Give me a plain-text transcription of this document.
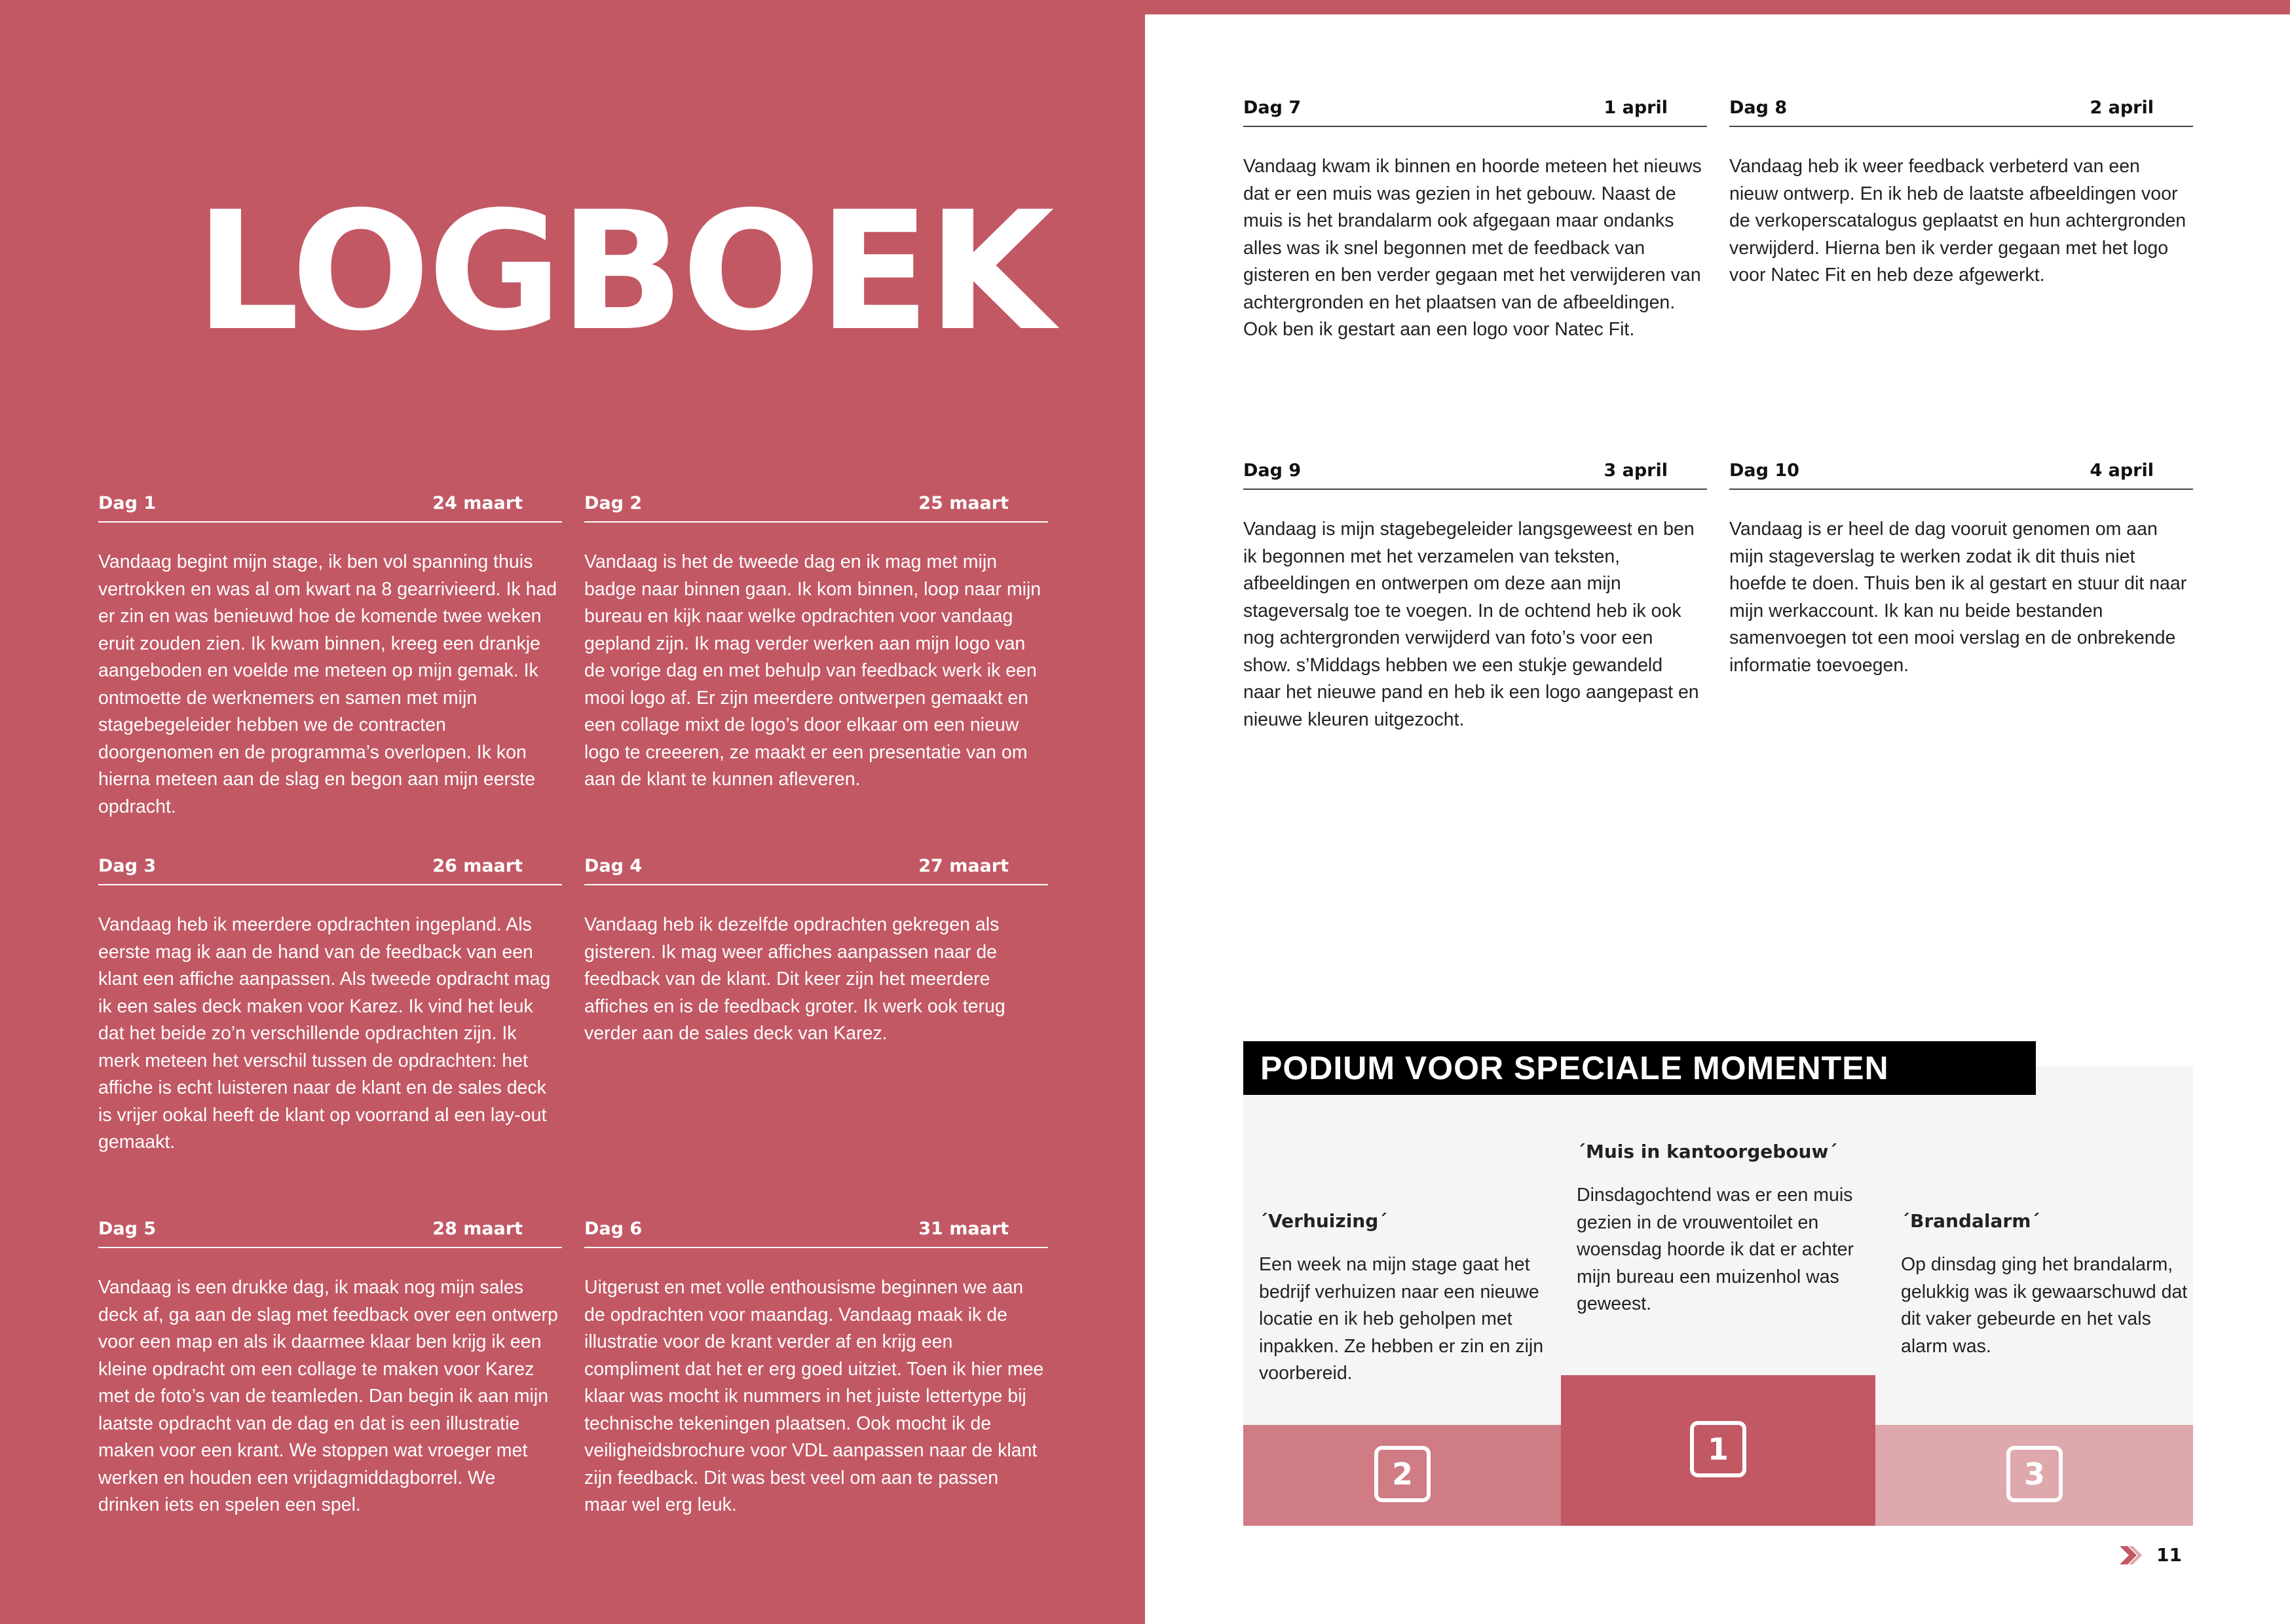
LOGBOEK
Dag 1	24 maart
Vandaag begint mijn stage, ik ben vol spanning thuis vertrokken en was al om kwart na 8 gearrivieerd. Ik had er zin en was benieuwd hoe de komende twee weken eruit zouden zien. Ik kwam binnen, kreeg een drankje aangeboden en voelde me meteen op mijn gemak. Ik ontmoette de werknemers en samen met mijn stagebegeleider hebben we de contracten doorgenomen en de programma’s overlopen. Ik kon hierna meteen aan de slag en begon aan mijn eerste opdracht.
Dag 2	25 maart
Vandaag is het de tweede dag en ik mag met mijn badge naar binnen gaan. Ik kom binnen, loop naar mijn bureau en kijk naar welke opdrachten voor vandaag gepland zijn. Ik mag verder werken aan mijn logo van de vorige dag en met behulp van feedback werk ik een mooi logo af. Er zijn meerdere ontwerpen gemaakt en een collage mixt de logo’s door elkaar om een nieuw logo te creeeren, ze maakt er een presentatie van om aan de klant te kunnen afleveren.
Dag 3	26 maart
Vandaag heb ik meerdere opdrachten ingepland. Als eerste mag ik aan de hand van de feedback van een klant een affiche aanpassen. Als tweede opdracht mag ik een sales deck maken voor Karez. Ik vind het leuk dat het beide zo’n verschillende opdrachten zijn. Ik merk meteen het verschil tussen de opdrachten: het affiche is echt luisteren naar de klant en de sales deck is vrijer ookal heeft de klant op voorrand al een lay-out gemaakt.
Dag 4	27 maart
Vandaag heb ik dezelfde opdrachten gekregen als gisteren. Ik mag weer affiches aanpassen naar de feedback van de klant. Dit keer zijn het meerdere affiches en is de feedback groter. Ik werk ook terug verder aan de sales deck van Karez.
Dag 5	28 maart
Vandaag is een drukke dag, ik maak nog mijn sales deck af, ga aan de slag met feedback over een ontwerp voor een map en als ik daarmee klaar ben krijg ik een kleine opdracht om een collage te maken voor Karez met de foto’s van de teamleden. Dan begin ik aan mijn laatste opdracht van de dag en dat is een illustratie maken voor een krant. We stoppen wat vroeger met werken en houden een vrijdagmiddagborrel. We drinken iets en spelen een spel.
Dag 6	31 maart
Uitgerust en met volle enthousisme beginnen we aan de opdrachten voor maandag. Vandaag maak ik de illustratie voor de krant verder af en krijg een compliment dat het er erg goed uitziet. Toen ik hier mee klaar was mocht ik nummers in het juiste lettertype bij technische tekeningen plaatsen. Ook mocht ik de veiligheidsbrochure voor VDL aanpassen naar de klant zijn feedback. Dit was best veel om aan te passen maar wel erg leuk.
Dag 7	1 april
Vandaag kwam ik binnen en hoorde meteen het nieuws dat er een muis was gezien in het gebouw. Naast de muis is het brandalarm ook afgegaan maar ondanks alles was ik snel begonnen met de feedback van gisteren en ben verder gegaan met het verwijderen van achtergronden en het plaatsen van de afbeeldingen. Ook ben ik gestart aan een logo voor Natec Fit.
Dag 8	2 april
Vandaag heb ik weer feedback verbeterd van een nieuw ontwerp. En ik heb de laatste afbeeldingen voor de verkoperscatalogus geplaatst en hun achtergronden verwijderd. Hierna ben ik verder gegaan met het logo voor Natec Fit en heb deze afgewerkt.
Dag 9	3 april
Vandaag is mijn stagebegeleider langsgeweest en ben ik begonnen met het verzamelen van teksten, afbeeldingen en ontwerpen om deze aan mijn stageversalg toe te voegen. In de ochtend heb ik ook nog achtergronden verwijderd van foto’s voor een show. s’Middags hebben we een stukje gewandeld naar het nieuwe pand en heb ik een logo aangepast en nieuwe kleuren uitgezocht.
Dag 10	4 april
Vandaag is er heel de dag vooruit genomen om aan mijn stageverslag te werken zodat ik dit thuis niet hoefde te doen. Thuis ben ik al gestart en stuur dit naar mijn werkaccount. Ik kan nu beide bestanden samenvoegen tot een mooi verslag en de onbrekende informatie toevoegen.
PODIUM VOOR SPECIALE MOMENTEN
´Verhuizing´
Een week na mijn stage gaat het bedrijf verhuizen naar een nieuwe locatie en ik heb geholpen met inpakken. Ze hebben er zin en zijn voorbereid.
´Muis in kantoorgebouw´
Dinsdagochtend was er een muis gezien in de vrouwentoilet en woensdag hoorde ik dat er achter mijn bureau een muizenhol was geweest.
´Brandalarm´
Op dinsdag ging het brandalarm, gelukkig was ik gewaarschuwd dat dit vaker gebeurde en het vals alarm was.
2
1
3
11
